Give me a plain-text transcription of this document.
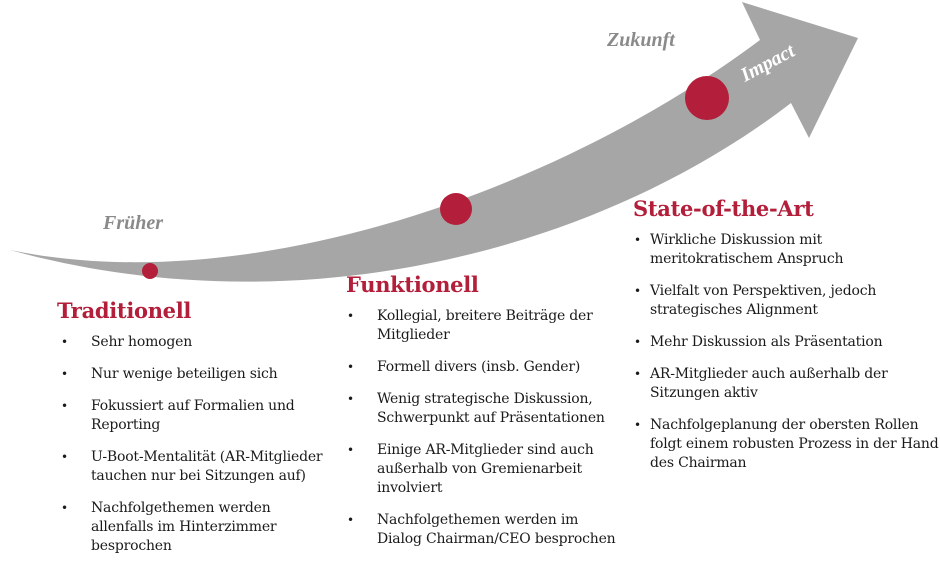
Impact
Früher
Zukunft
Traditionell
• Sehr homogen
• Nur wenige beteiligen sich
• Fokussiert auf Formalien und Reporting
• U-Boot-Mentalität (AR-Mitglieder tauchen nur bei Sitzungen auf)
• Nachfolgethemen werden allenfalls im Hinterzimmer besprochen
Funktionell
• Kollegial, breitere Beiträge der Mitglieder
• Formell divers (insb. Gender)
• Wenig strategische Diskussion, Schwerpunkt auf Präsentationen
• Einige AR-Mitglieder sind auch außerhalb von Gremienarbeit involviert
• Nachfolgethemen werden im Dialog Chairman/CEO besprochen
State-of-the-Art
• Wirkliche Diskussion mit meritokratischem Anspruch
• Vielfalt von Perspektiven, jedoch strategisches Alignment
• Mehr Diskussion als Präsentation
• AR-Mitglieder auch außerhalb der Sitzungen aktiv
• Nachfolgeplanung der obersten Rollen folgt einem robusten Prozess in der Hand des Chairman
